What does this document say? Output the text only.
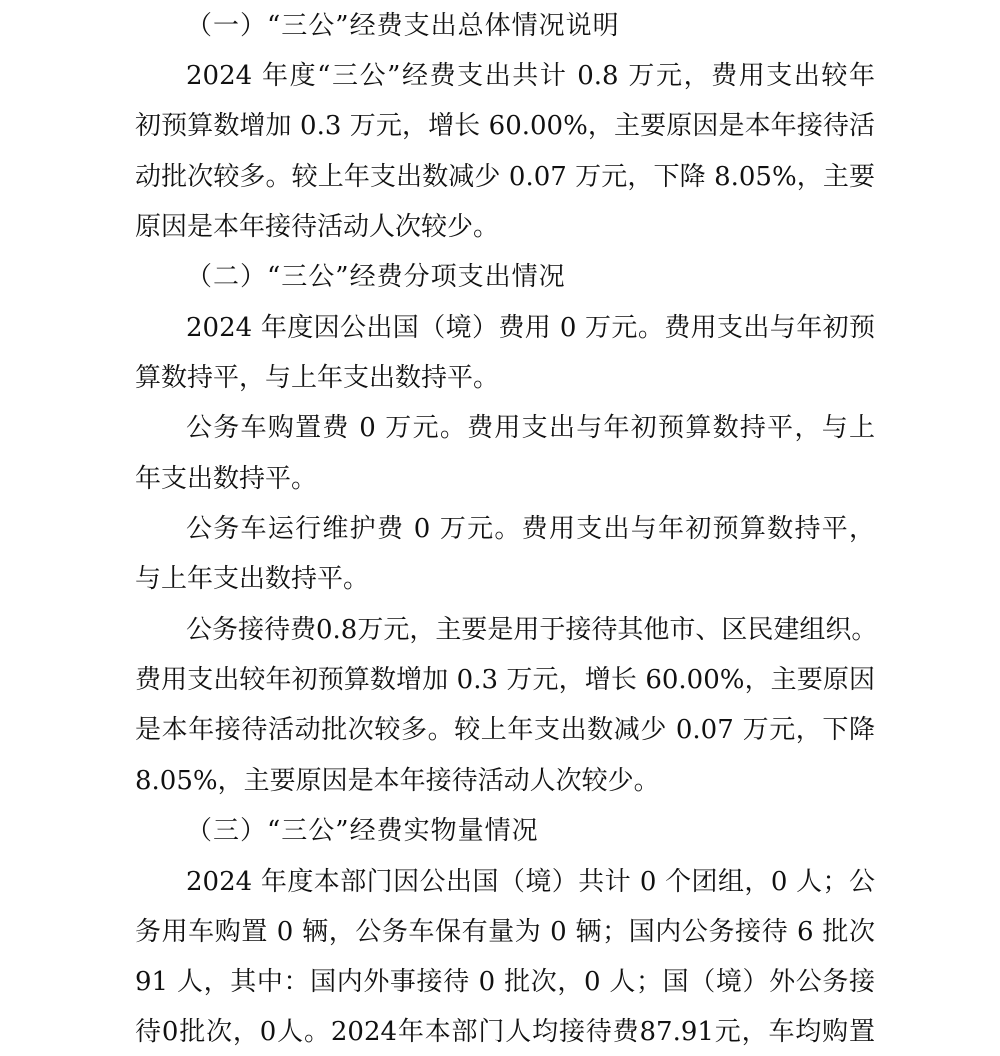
（一）“三公”经费支出总体情况说明
2024 年度“三公”经费支出共计 0.8 万元，费用支出较年
初预算数增加 0.3 万元，增长 60.00%，主要原因是本年接待活
动批次较多。较上年支出数减少 0.07 万元，下降 8.05%，主要
原因是本年接待活动人次较少。
（二）“三公”经费分项支出情况
2024 年度因公出国（境）费用 0 万元。费用支出与年初预
算数持平，与上年支出数持平。
公务车购置费 0 万元。费用支出与年初预算数持平，与上
年支出数持平。
公务车运行维护费 0 万元。费用支出与年初预算数持平，
与上年支出数持平。
公务接待费0.8万元，主要是用于接待其他市、区民建组织。
费用支出较年初预算数增加 0.3 万元，增长 60.00%，主要原因
是本年接待活动批次较多。较上年支出数减少 0.07 万元，下降
8.05%，主要原因是本年接待活动人次较少。
（三）“三公”经费实物量情况
2024 年度本部门因公出国（境）共计 0 个团组，0 人；公
务用车购置 0 辆，公务车保有量为 0 辆；国内公务接待 6 批次
91 人，其中：国内外事接待 0 批次，0 人；国（境）外公务接
待0批次，0人。2024年本部门人均接待费87.91元，车均购置
